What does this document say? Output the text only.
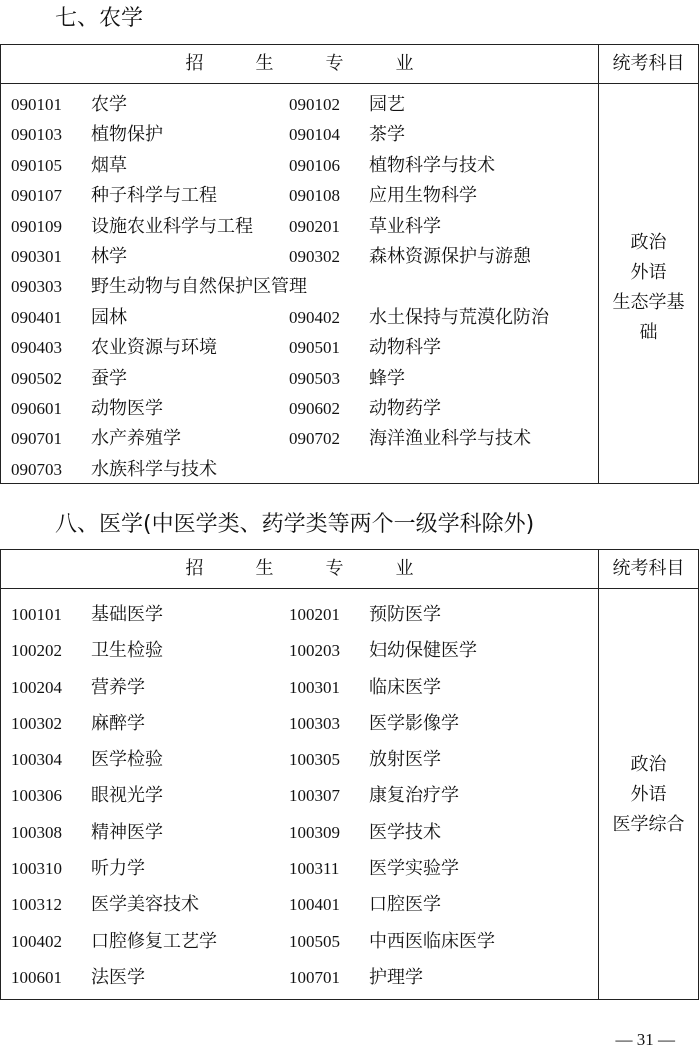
七、农学
招	生	专	业	统考科目
090101 农学	090102 园艺
090103 植物保护	090104 茶学
090105 烟草	090106 植物科学与技术
090107 种子科学与工程	090108 应用生物科学
090109 设施农业科学与工程 090201 草业科学
090301 林学	090302 森林资源保护与游憩
090303 野生动物与自然保护区管理
090401 园林	090402 水土保持与荒漠化防治
090403 农业资源与环境	090501 动物科学
090502 蚕学	090503 蜂学
090601 动物医学	090602 动物药学
090701 水产养殖学	090702 海洋渔业科学与技术
090703 水族科学与技术
政治
外语
生态学基
础
八、医学(中医学类、药学类等两个一级学科除外)
招	生	专	业	统考科目
100101 基础医学	100201 预防医学
100202 卫生检验	100203 妇幼保健医学
100204 营养学	100301 临床医学
100302 麻醉学	100303 医学影像学
100304 医学检验	100305 放射医学
100306 眼视光学	100307 康复治疗学
100308 精神医学	100309 医学技术
100310 听力学	100311 医学实验学
100312 医学美容技术	100401 口腔医学
100402 口腔修复工艺学	100505 中西医临床医学
100601 法医学	100701 护理学
政治
外语
医学综合
— 31 —
